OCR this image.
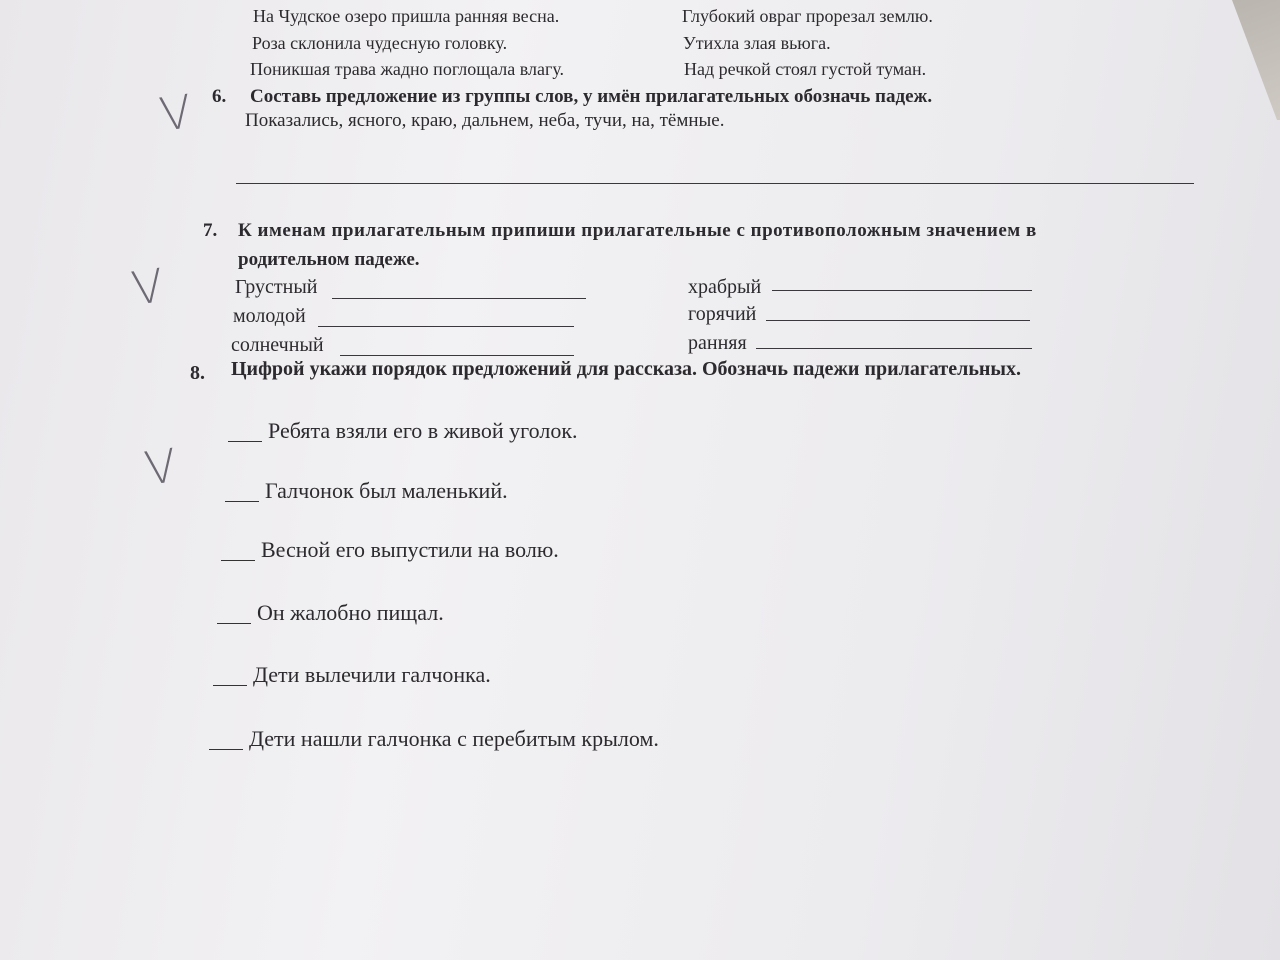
На Чудское озеро пришла ранняя весна.
Роза склонила чудесную головку.
Поникшая трава жадно поглощала влагу.
Глубокий овраг прорезал землю.
Утихла злая вьюга.
Над речкой стоял густой туман.
V 6. Составь предложение из группы слов, у имён прилагательных обозначь падеж.
Показались, ясного, краю, дальнем, неба, тучи, на, тёмные.
7. К именам прилагательным припиши прилагательные с противоположным значением в
родительном падеже.
V	Грустный
молодой
солнечный
храбрый
горячий
ранняя
8. Цифрой укажи порядок предложений для рассказа. Обозначь падежи прилагательных.
V
Ребята взяли его в живой уголок.
Галчонок был маленький.
Весной его выпустили на волю.
Он жалобно пищал.
Дети вылечили галчонка.
Дети нашли галчонка с перебитым крылом.
